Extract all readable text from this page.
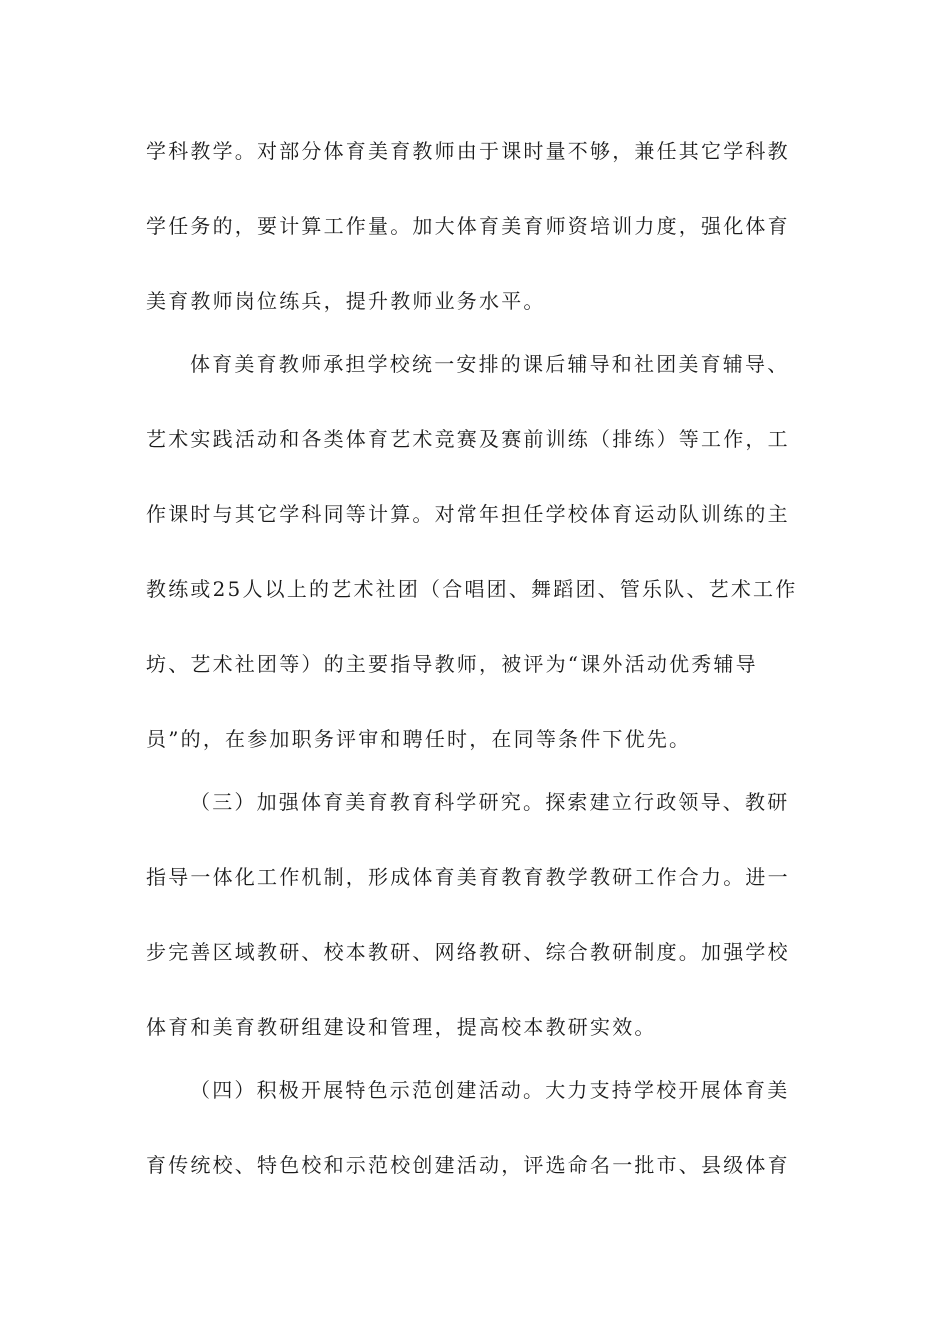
学科教学。对部分体育美育教师由于课时量不够，兼任其它学科教
学任务的，要计算工作量。加大体育美育师资培训力度，强化体育
美育教师岗位练兵，提升教师业务水平。
体育美育教师承担学校统一安排的课后辅导和社团美育辅导、
艺术实践活动和各类体育艺术竞赛及赛前训练（排练）等工作，工
作课时与其它学科同等计算。对常年担任学校体育运动队训练的主
教练或25人以上的艺术社团（合唱团、舞蹈团、管乐队、艺术工作
坊、艺术社团等）的主要指导教师，被评为“课外活动优秀辅导
员”的，在参加职务评审和聘任时，在同等条件下优先。
（三）加强体育美育教育科学研究。探索建立行政领导、教研
指导一体化工作机制，形成体育美育教育教学教研工作合力。进一
步完善区域教研、校本教研、网络教研、综合教研制度。加强学校
体育和美育教研组建设和管理，提高校本教研实效。
（四）积极开展特色示范创建活动。大力支持学校开展体育美
育传统校、特色校和示范校创建活动，评选命名一批市、县级体育
